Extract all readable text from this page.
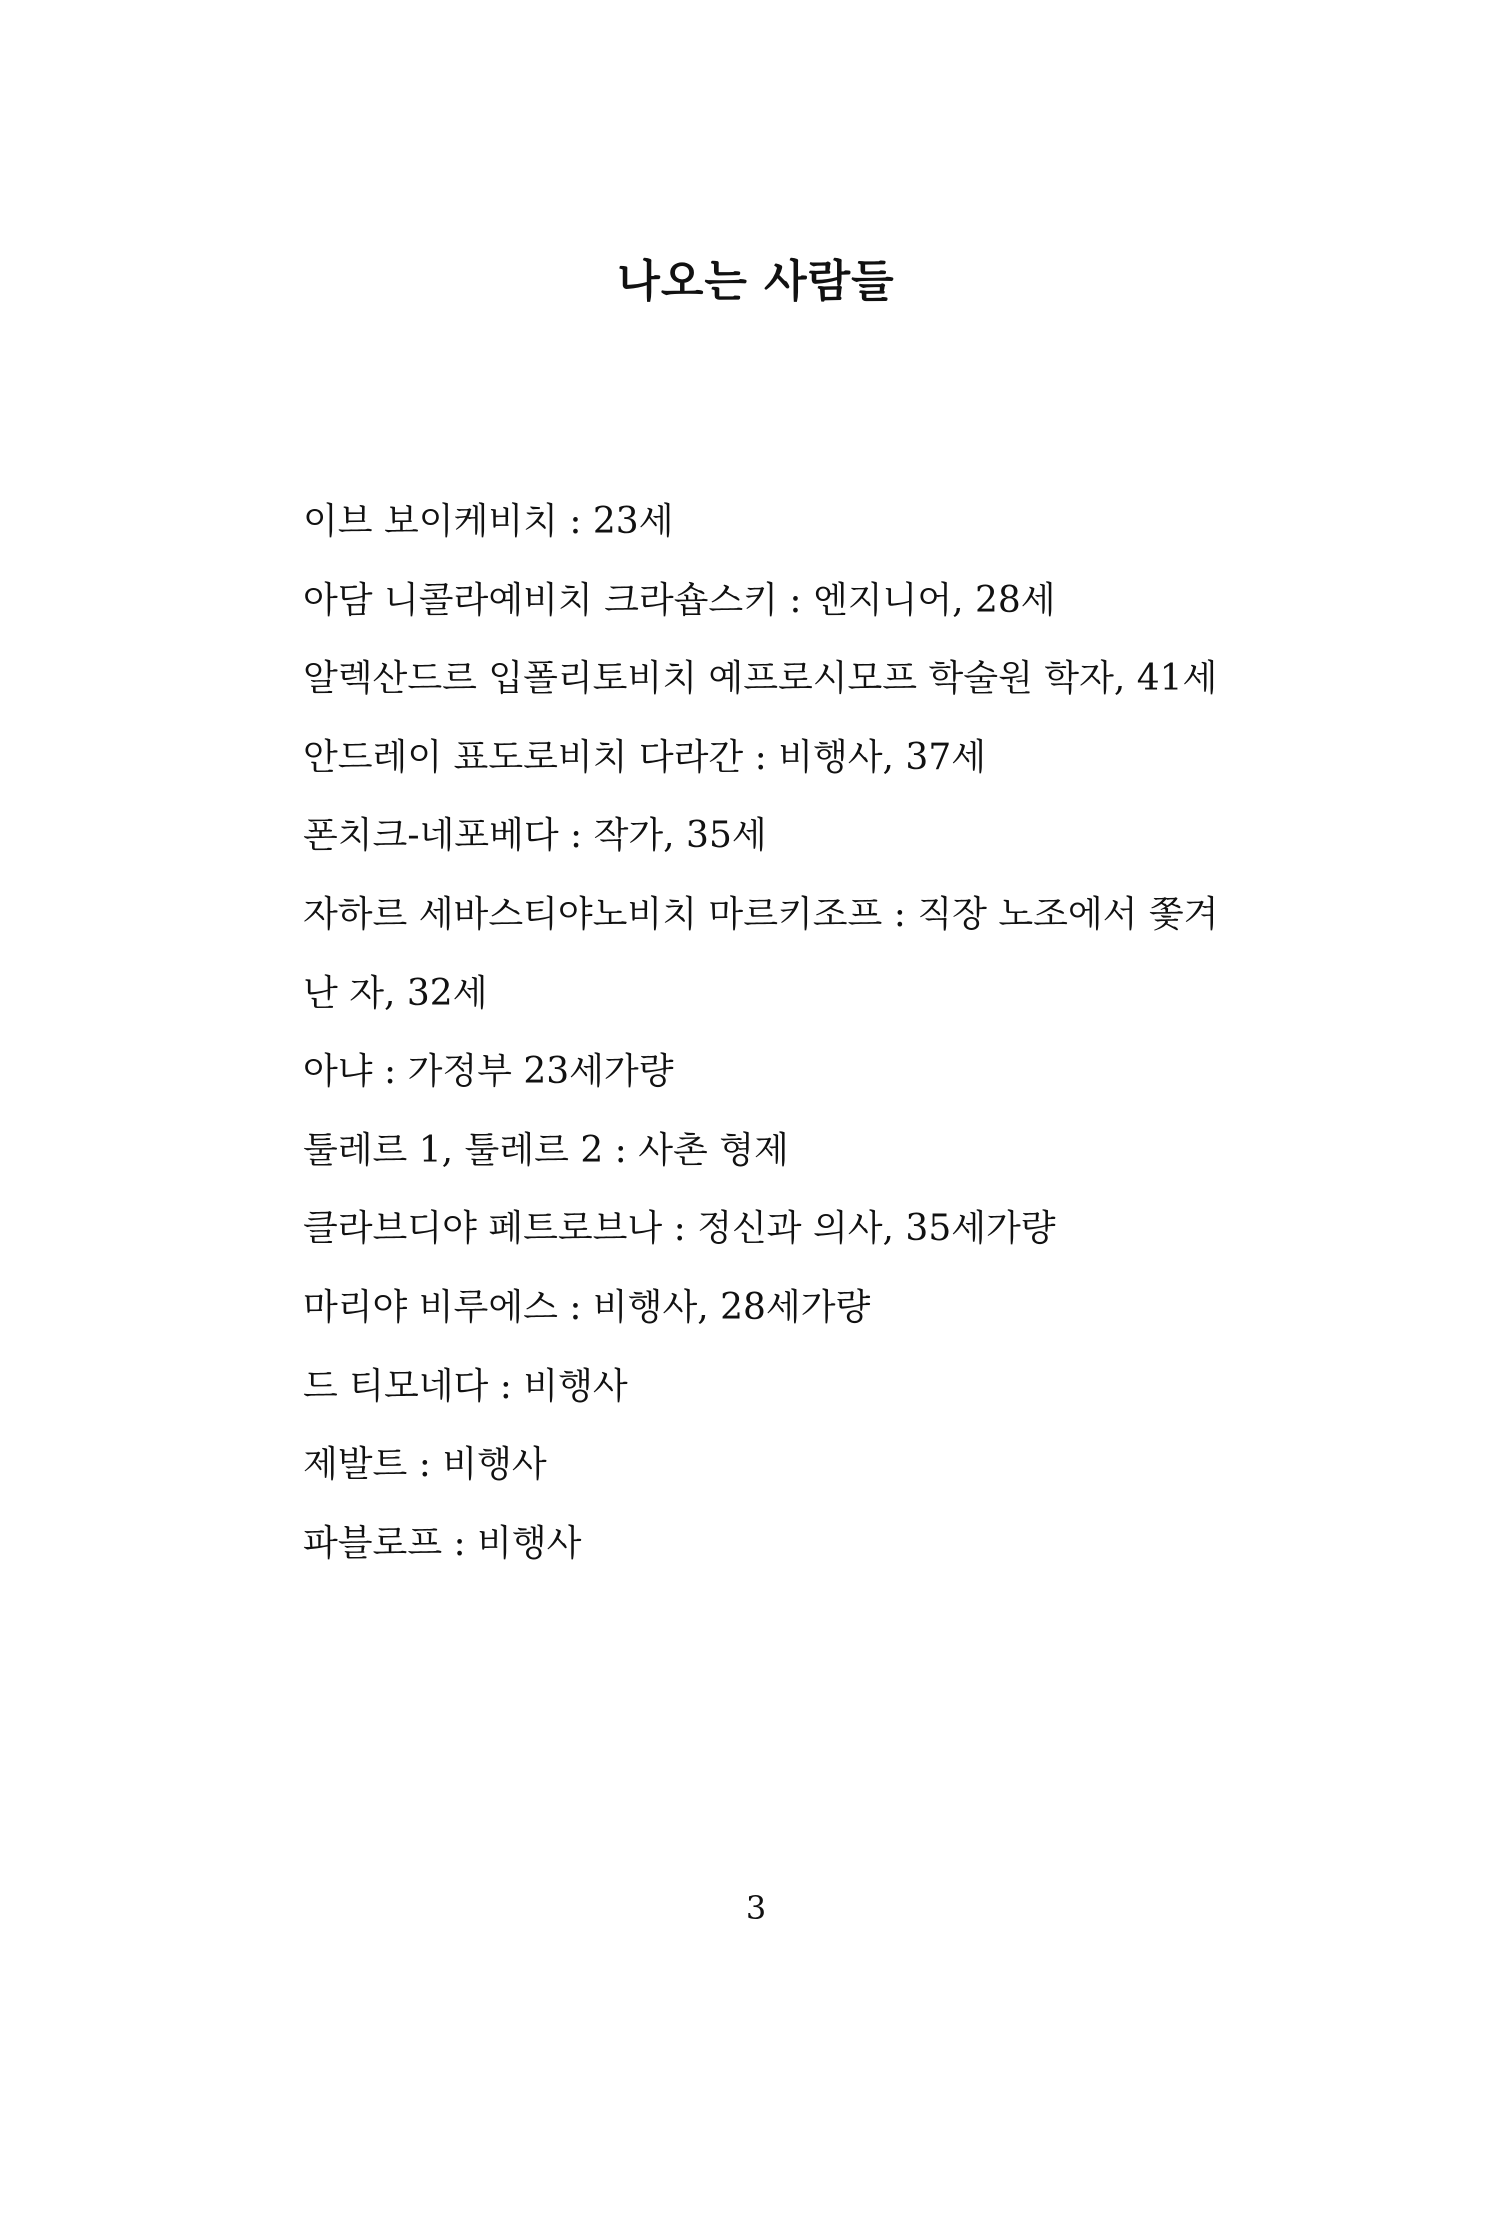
나오는 사람들
이브 보이케비치 : 23세
아담 니콜라예비치 크라숍스키 : 엔지니어, 28세
알렉산드르 입폴리토비치 예프로시모프 학술원 학자, 41세
안드레이 표도로비치 다라간 : 비행사, 37세
폰치크-네포베다 : 작가, 35세
자하르 세바스티야노비치 마르키조프 : 직장 노조에서 쫓겨난 자, 32세
아냐 : 가정부 23세가량
툴레르 1, 툴레르 2 : 사촌 형제
클라브디야 페트로브나 : 정신과 의사, 35세가량
마리야 비루에스 : 비행사, 28세가량
드 티모네다 : 비행사
제발트 : 비행사
파블로프 : 비행사
3
